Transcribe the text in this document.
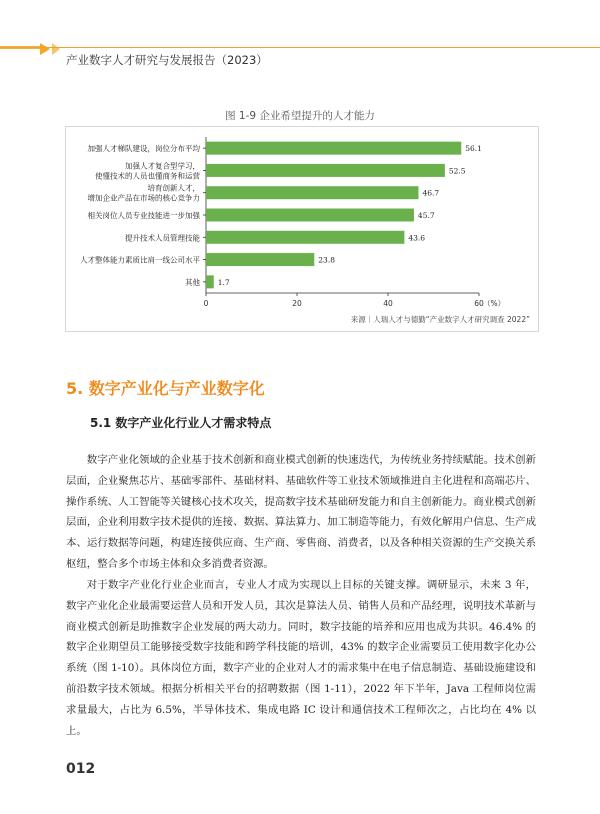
产业数字人才研究与发展报告（2023）
图 1-9 企业希望提升的人才能力
0	20	40	60 （%）
56.1
加强人才梯队建设，岗位分布平均
52.5
加强人才复合型学习，
使懂技术的人员也懂商务和运营
46.7
培育创新人才，
增加企业产品在市场的核心竞争力
45.7
相关岗位人员专业技能进一步加强
43.6
提升技术人员管理技能
23.8
人才整体能力素质比肩一线公司水平
1.7
其他
来源｜人瑞人才与德勤“产业数字人才研究调查 2022”
5. 数字产业化与产业数字化
5.1 数字产业化行业人才需求特点

数字产业化领域的企业基于技术创新和商业模式创新的快速迭代，为传统业务持续赋能。技术创新层面，企业聚焦芯片、基础零部件、基础材料、基础软件等工业技术领域推进自主化进程和高端芯片、操作系统、人工智能等关键核心技术攻关，提高数字技术基础研发能力和自主创新能力。商业模式创新层面，企业利用数字技术提供的连接、数据、算法算力、加工制造等能力，有效化解用户信息、生产成本、运行数据等问题，构建连接供应商、生产商、零售商、消费者，以及各种相关资源的生产交换关系枢纽，整合多个市场主体和众多消费者资源。

对于数字产业化行业企业而言，专业人才成为实现以上目标的关键支撑。调研显示，未来 3 年，数字产业化企业最需要运营人员和开发人员，其次是算法人员、销售人员和产品经理，说明技术革新与商业模式创新是助推数字企业发展的两大动力。同时，数字技能的培养和应用也成为共识。46.4% 的数字企业期望员工能够接受数字技能和跨学科技能的培训，43% 的数字企业需要员工使用数字化办公系统（图 1-10）。具体岗位方面，数字产业的企业对人才的需求集中在电子信息制造、基础设施建设和前沿数字技术领域。根据分析相关平台的招聘数据（图 1-11），2022 年下半年，Java 工程师岗位需求量最大，占比为 6.5%，半导体技术、集成电路 IC 设计和通信技术工程师次之，占比均在 4% 以上。

012
